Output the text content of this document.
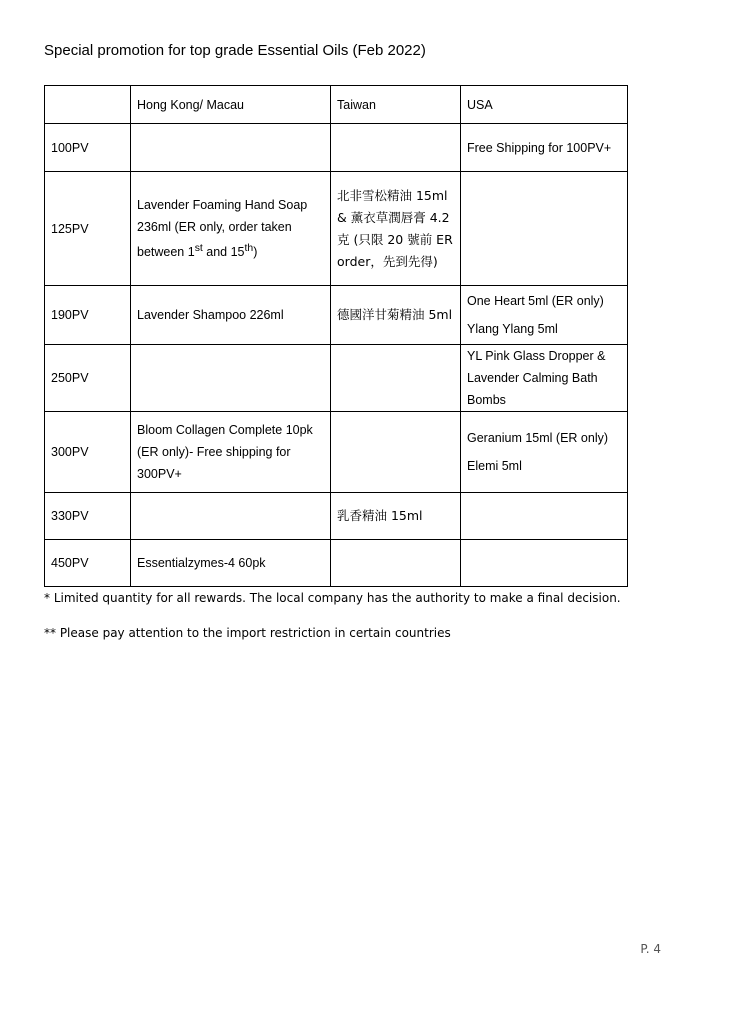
Special promotion for top grade Essential Oils (Feb 2022)
	Hong Kong/ Macau	Taiwan	USA
100PV			Free Shipping for 100PV+
125PV	Lavender Foaming Hand Soap 236ml (ER only, order taken between 1st and 15th)	北非雪松精油 15ml & 薰衣草潤唇膏 4.2克 (只限 20 號前 ER order，先到先得)	
190PV	Lavender Shampoo 226ml	德國洋甘菊精油 5ml	One Heart 5ml (ER only)
Ylang Ylang 5ml

250PV			YL Pink Glass Dropper & Lavender Calming Bath Bombs
300PV	Bloom Collagen Complete 10pk (ER only)- Free shipping for 300PV+		Geranium 15ml (ER only)
Elemi 5ml

330PV		乳香精油 15ml	
450PV	Essentialzymes-4 60pk		
* Limited quantity for all rewards. The local company has the authority to make a final decision.
** Please pay attention to the import restriction in certain countries
P. 4
